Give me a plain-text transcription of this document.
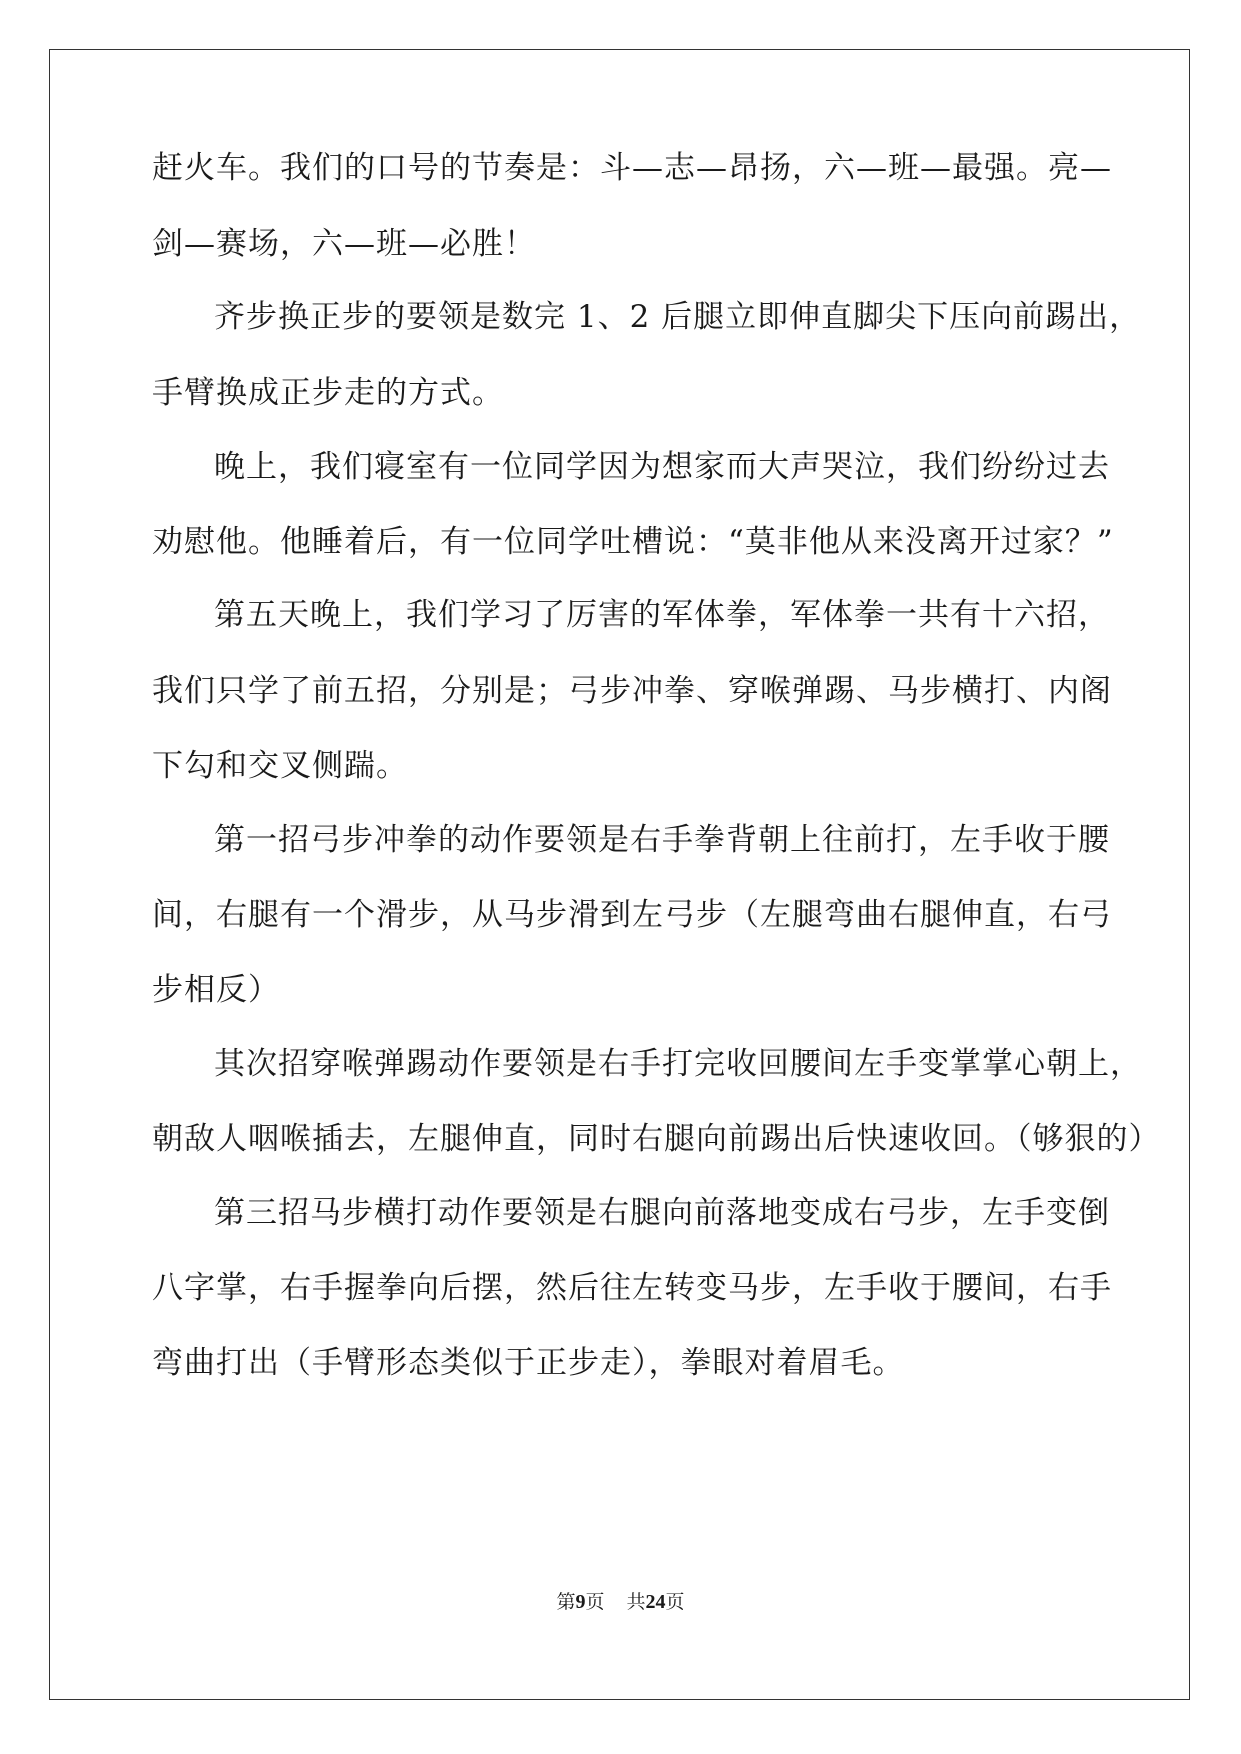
赶火车。我们的口号的节奏是：斗—志—昂扬，六—班—最强。亮—
剑—赛场，六—班—必胜！
齐步换正步的要领是数完 1、2 后腿立即伸直脚尖下压向前踢出，
手臂换成正步走的方式。
晚上，我们寝室有一位同学因为想家而大声哭泣，我们纷纷过去
劝慰他。他睡着后，有一位同学吐槽说：“莫非他从来没离开过家？”
第五天晚上，我们学习了厉害的军体拳，军体拳一共有十六招，
我们只学了前五招，分别是；弓步冲拳、穿喉弹踢、马步横打、内阁
下勾和交叉侧踹。
第一招弓步冲拳的动作要领是右手拳背朝上往前打，左手收于腰
间，右腿有一个滑步，从马步滑到左弓步（左腿弯曲右腿伸直，右弓
步相反）
其次招穿喉弹踢动作要领是右手打完收回腰间左手变掌掌心朝上，
朝敌人咽喉插去，左腿伸直，同时右腿向前踢出后快速收回。（够狠的）
第三招马步横打动作要领是右腿向前落地变成右弓步，左手变倒
八字掌，右手握拳向后摆，然后往左转变马步，左手收于腰间，右手
弯曲打出（手臂形态类似于正步走），拳眼对着眉毛。
第9页 共24页
